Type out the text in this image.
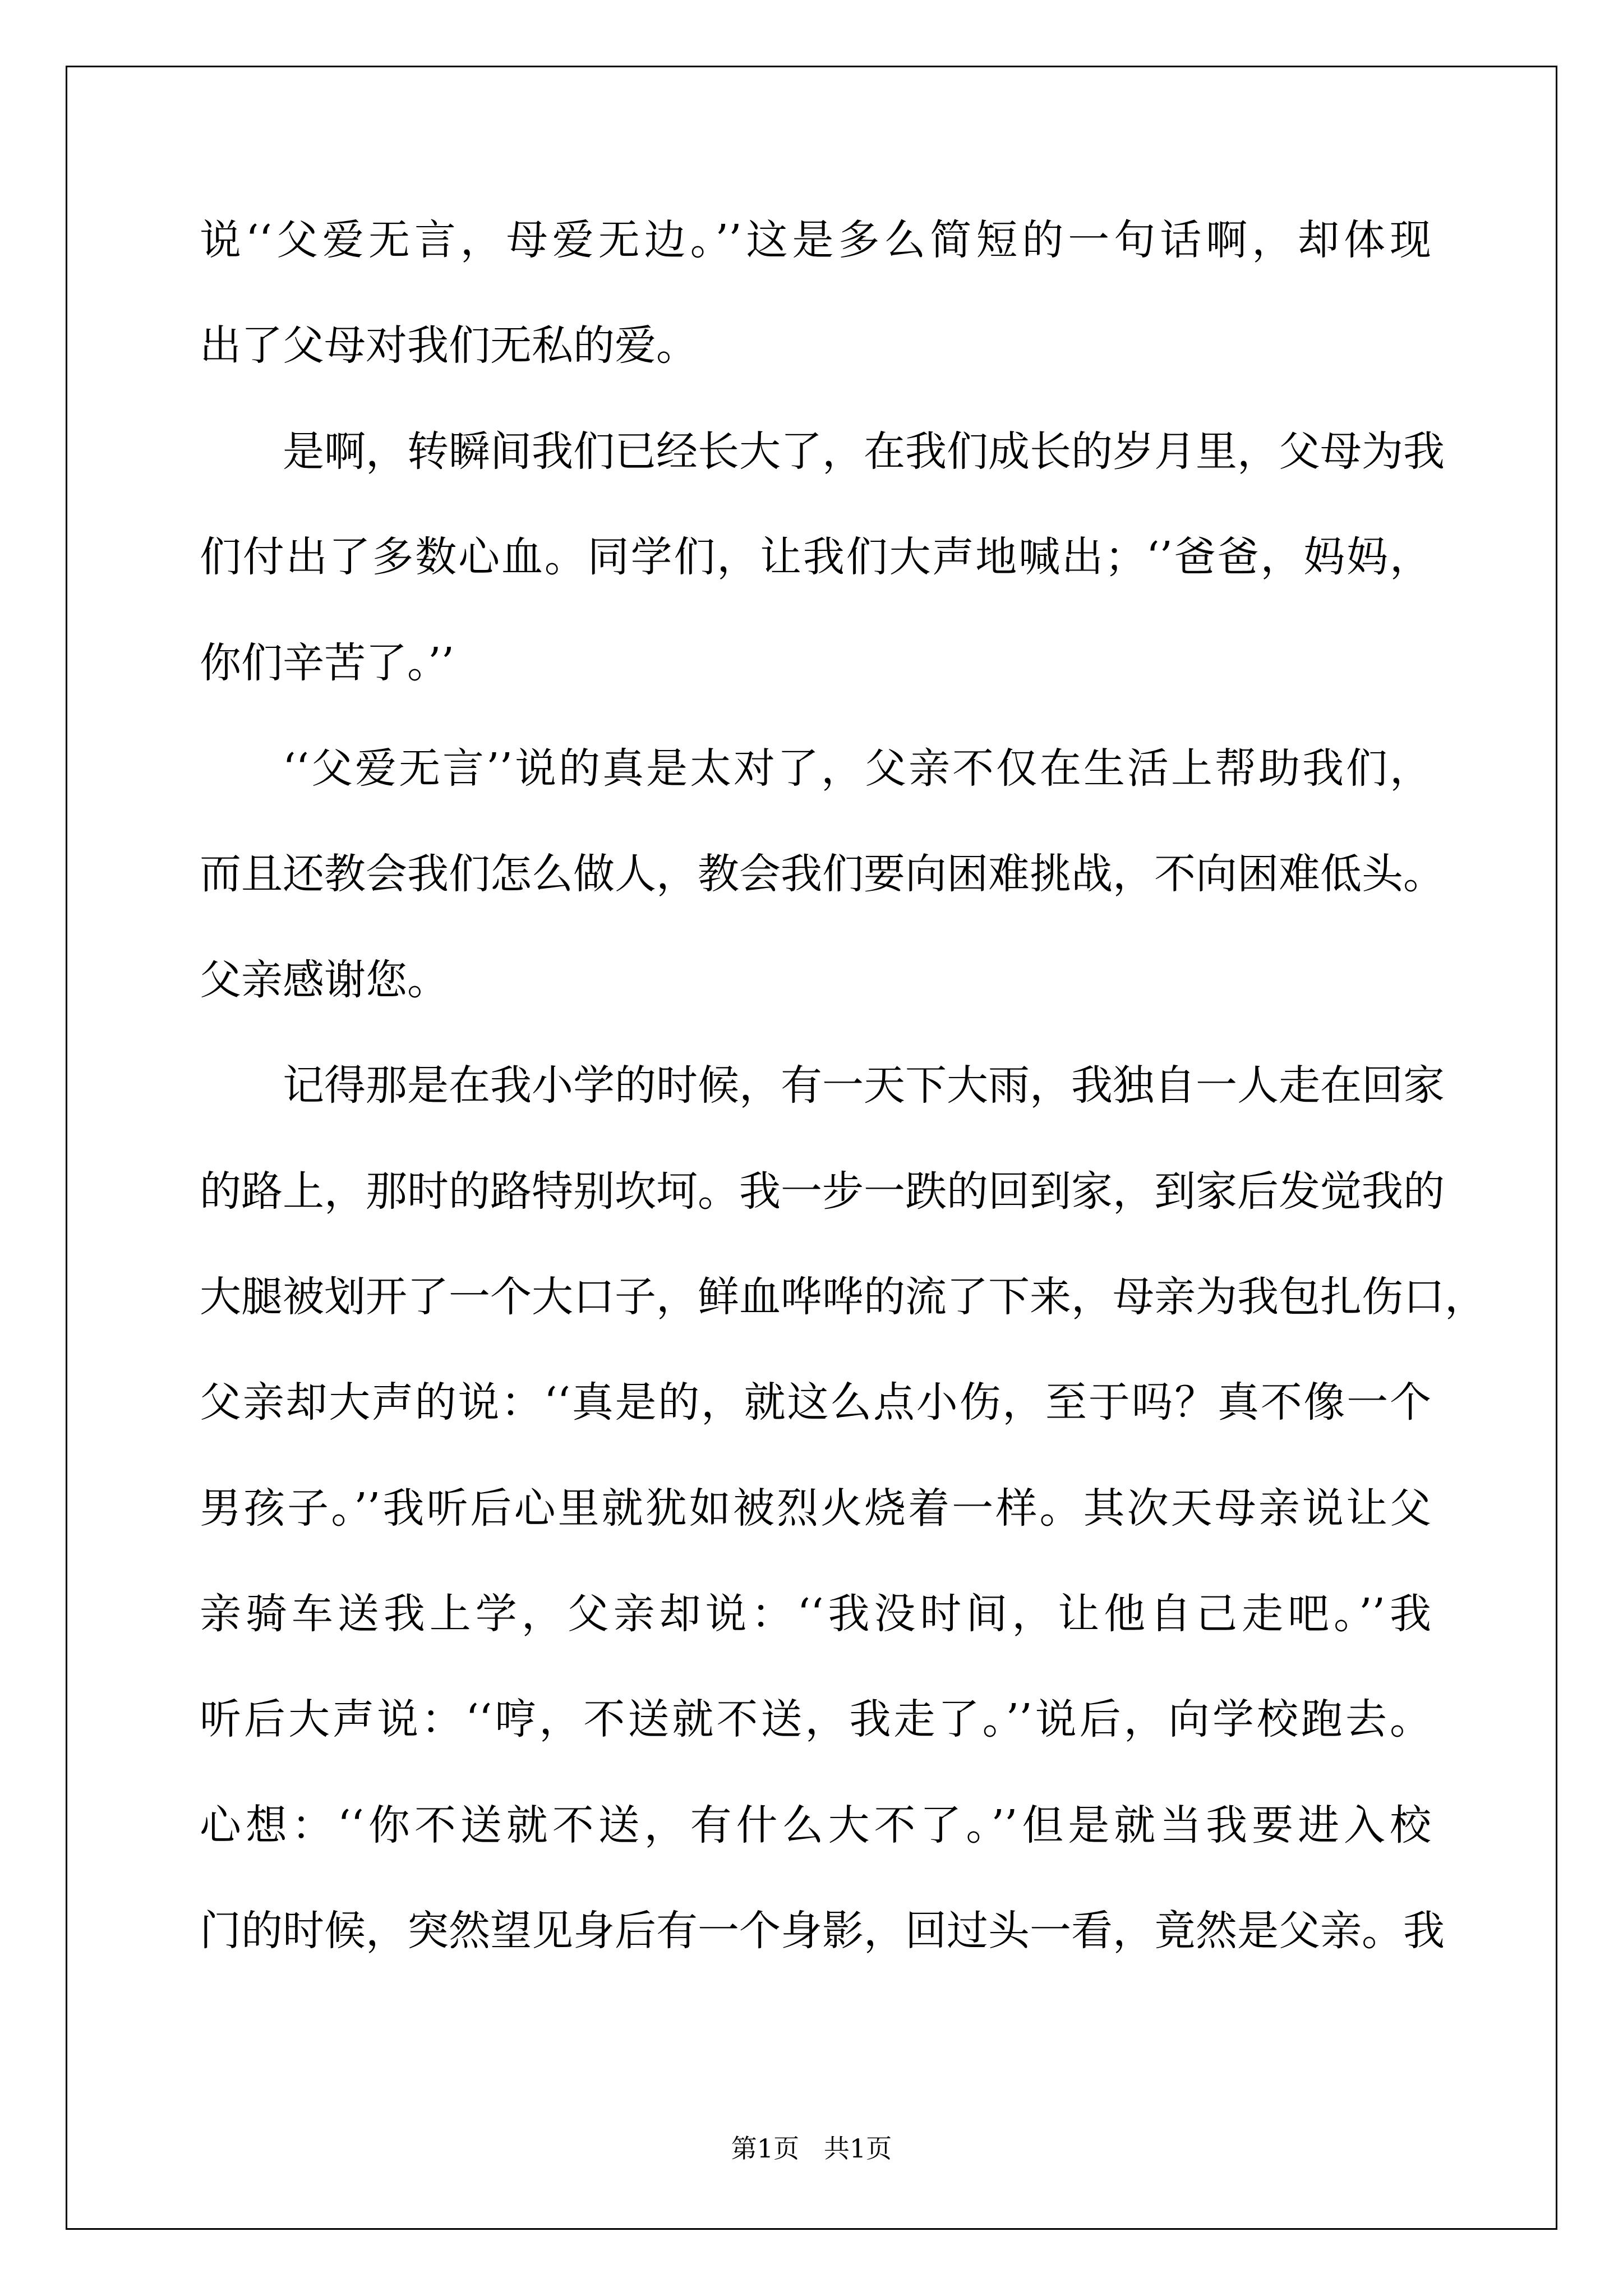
说‘‘父爱无言，母爱无边。’’这是多么简短的一句话啊，却体现
出了父母对我们无私的爱。
是啊，转瞬间我们已经长大了，在我们成长的岁月里，父母为我
们付出了多数心血。同学们，让我们大声地喊出；‘’爸爸，妈妈，
你们辛苦了。’’
‘‘父爱无言’’说的真是太对了，父亲不仅在生活上帮助我们，
而且还教会我们怎么做人，教会我们要向困难挑战，不向困难低头。
父亲感谢您。
记得那是在我小学的时候，有一天下大雨，我独自一人走在回家
的路上，那时的路特别坎坷。我一步一跌的回到家，到家后发觉我的
大腿被划开了一个大口子，鲜血哗哗的流了下来，母亲为我包扎伤口，
父亲却大声的说：‘‘真是的，就这么点小伤，至于吗？真不像一个
男孩子。’’我听后心里就犹如被烈火烧着一样。其次天母亲说让父
亲骑车送我上学，父亲却说：‘‘我没时间，让他自己走吧。’’我
听后大声说：‘‘哼，不送就不送，我走了。’’说后，向学校跑去。
心想：‘‘你不送就不送，有什么大不了。’’但是就当我要进入校
门的时候，突然望见身后有一个身影，回过头一看，竟然是父亲。我
第1页   共1页
